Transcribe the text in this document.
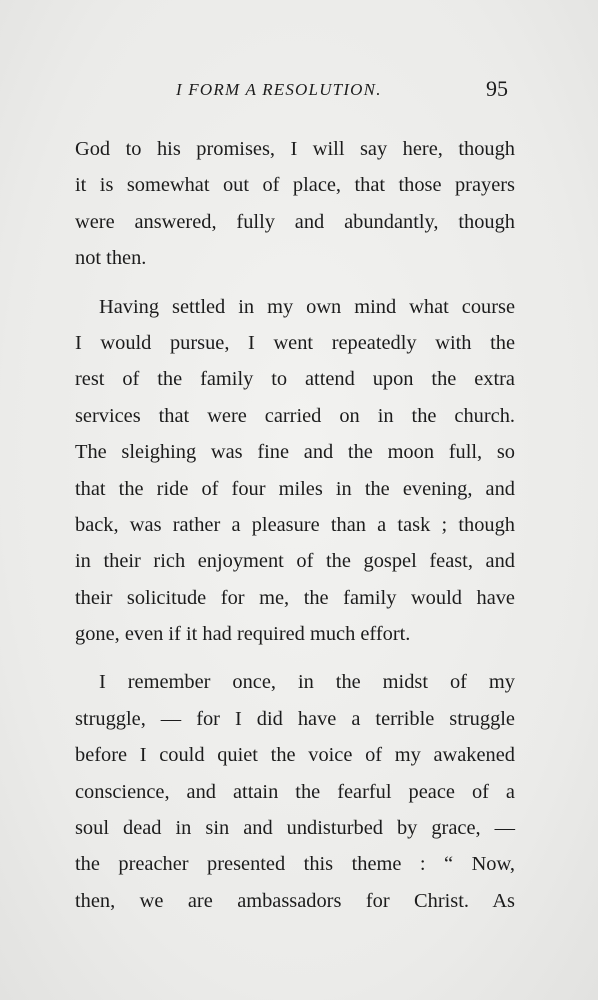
I FORM A RESOLUTION.	95
God to his promises, I will say here, though
it is somewhat out of place, that those prayers
were answered, fully and abundantly, though
not then.
Having settled in my own mind what course
I would pursue, I went repeatedly with the
rest of the family to attend upon the extra
services that were carried on in the church.
The sleighing was fine and the moon full, so
that the ride of four miles in the evening, and
back, was rather a pleasure than a task ; though
in their rich enjoyment of the gospel feast, and
their solicitude for me, the family would have
gone, even if it had required much effort.
I remember once, in the midst of my
struggle, — for I did have a terrible struggle
before I could quiet the voice of my awakened
conscience, and attain the fearful peace of a
soul dead in sin and undisturbed by grace, —
the preacher presented this theme : “ Now,
then, we are ambassadors for Christ. As
